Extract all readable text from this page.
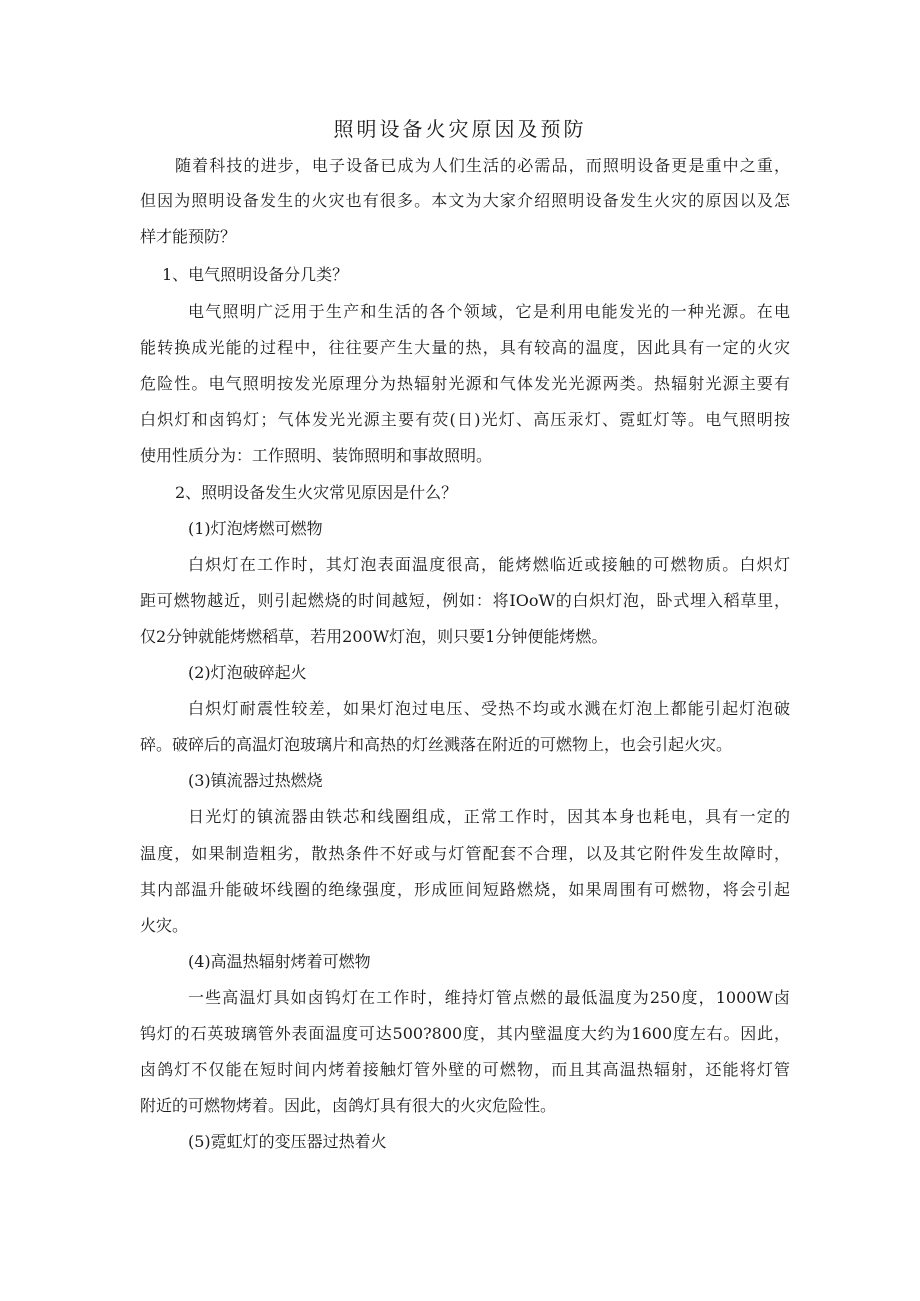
照明设备火灾原因及预防
随着科技的进步，电子设备已成为人们生活的必需品，而照明设备更是重中之重，
但因为照明设备发生的火灾也有很多。本文为大家介绍照明设备发生火灾的原因以及怎
样才能预防？
1、电气照明设备分几类？
电气照明广泛用于生产和生活的各个领域，它是利用电能发光的一种光源。在电
能转换成光能的过程中，往往要产生大量的热，具有较高的温度，因此具有一定的火灾
危险性。电气照明按发光原理分为热辐射光源和气体发光光源两类。热辐射光源主要有
白炽灯和卤钨灯；气体发光光源主要有荧(日)光灯、高压汞灯、霓虹灯等。电气照明按
使用性质分为：工作照明、装饰照明和事故照明。
2、照明设备发生火灾常见原因是什么？
(1)灯泡烤燃可燃物
白炽灯在工作时，其灯泡表面温度很高，能烤燃临近或接触的可燃物质。白炽灯
距可燃物越近，则引起燃烧的时间越短，例如：将IOoW的白炽灯泡，卧式埋入稻草里，
仅2分钟就能烤燃稻草，若用200W灯泡，则只要1分钟便能烤燃。
(2)灯泡破碎起火
白炽灯耐震性较差，如果灯泡过电压、受热不均或水溅在灯泡上都能引起灯泡破
碎。破碎后的高温灯泡玻璃片和高热的灯丝溅落在附近的可燃物上，也会引起火灾。
(3)镇流器过热燃烧
日光灯的镇流器由铁芯和线圈组成，正常工作时，因其本身也耗电，具有一定的
温度，如果制造粗劣，散热条件不好或与灯管配套不合理，以及其它附件发生故障时，
其内部温升能破坏线圈的绝缘强度，形成匝间短路燃烧，如果周围有可燃物，将会引起
火灾。
(4)高温热辐射烤着可燃物
一些高温灯具如卤钨灯在工作时，维持灯管点燃的最低温度为250度，1000W卤
钨灯的石英玻璃管外表面温度可达500?800度，其内壁温度大约为1600度左右。因此，
卤鸽灯不仅能在短时间内烤着接触灯管外壁的可燃物，而且其高温热辐射，还能将灯管
附近的可燃物烤着。因此，卤鸽灯具有很大的火灾危险性。
(5)霓虹灯的变压器过热着火
